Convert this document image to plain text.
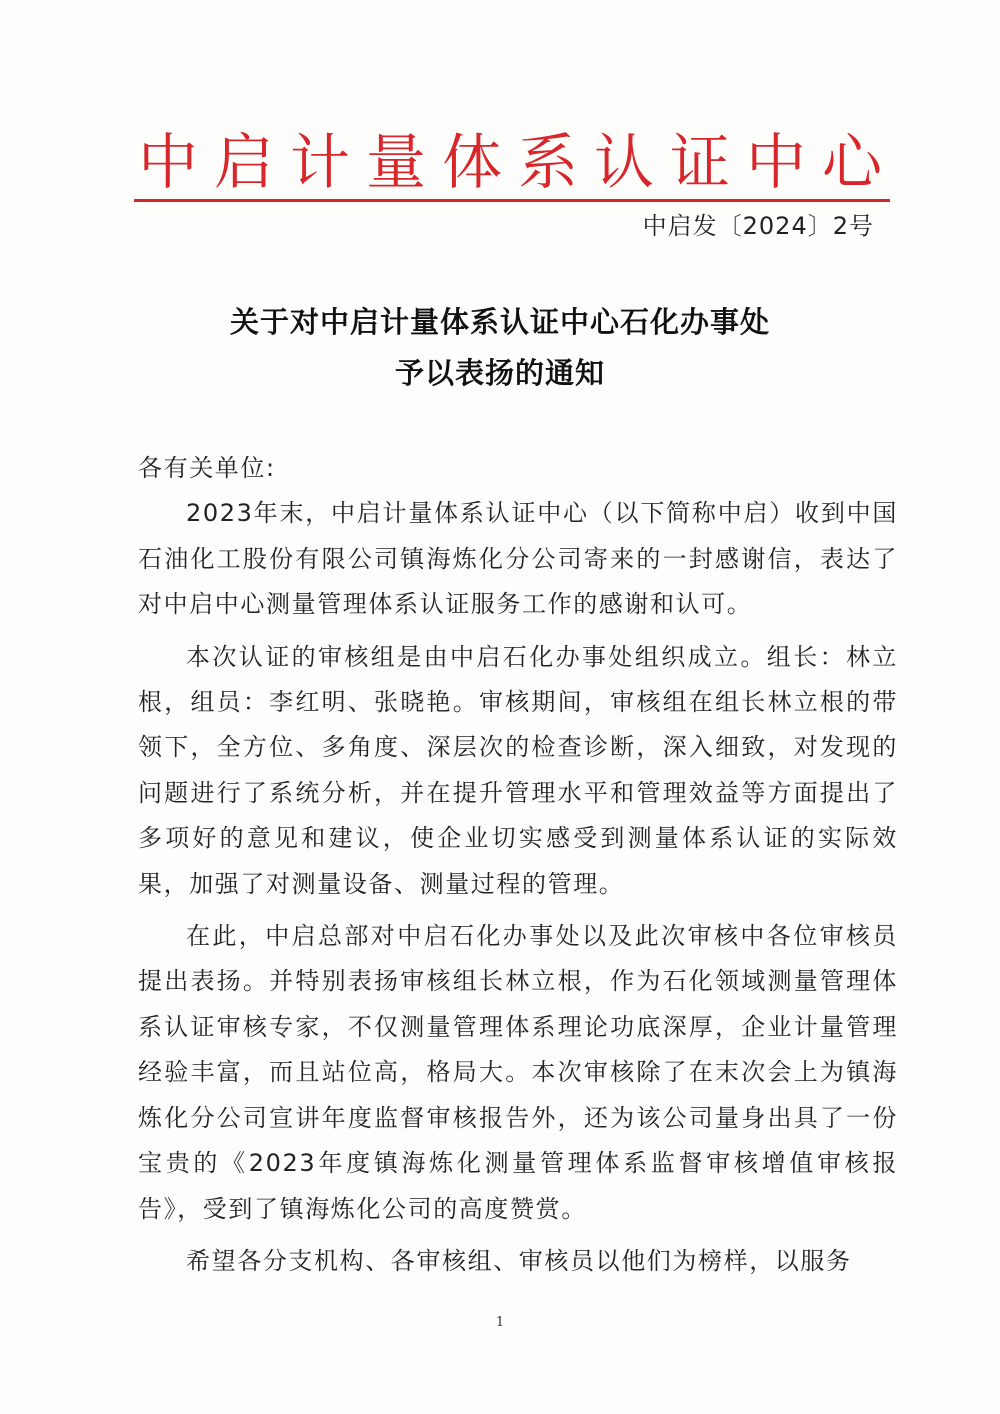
中启计量体系认证中心
中启发〔2024〕2号
关于对中启计量体系认证中心石化办事处
予以表扬的通知

各有关单位:

2023年末，中启计量体系认证中心（以下简称中启）收到中国石油化工股份有限公司镇海炼化分公司寄来的一封感谢信，表达了对中启中心测量管理体系认证服务工作的感谢和认可。

本次认证的审核组是由中启石化办事处组织成立。组长：林立根，组员：李红明、张晓艳。审核期间，审核组在组长林立根的带领下，全方位、多角度、深层次的检查诊断，深入细致，对发现的问题进行了系统分析，并在提升管理水平和管理效益等方面提出了多项好的意见和建议，使企业切实感受到测量体系认证的实际效果，加强了对测量设备、测量过程的管理。

在此，中启总部对中启石化办事处以及此次审核中各位审核员提出表扬。并特别表扬审核组长林立根，作为石化领域测量管理体系认证审核专家，不仅测量管理体系理论功底深厚，企业计量管理经验丰富，而且站位高，格局大。本次审核除了在末次会上为镇海炼化分公司宣讲年度监督审核报告外，还为该公司量身出具了一份宝贵的《2023年度镇海炼化测量管理体系监督审核增值审核报告》，受到了镇海炼化公司的高度赞赏。

希望各分支机构、各审核组、审核员以他们为榜样，以服务

1
